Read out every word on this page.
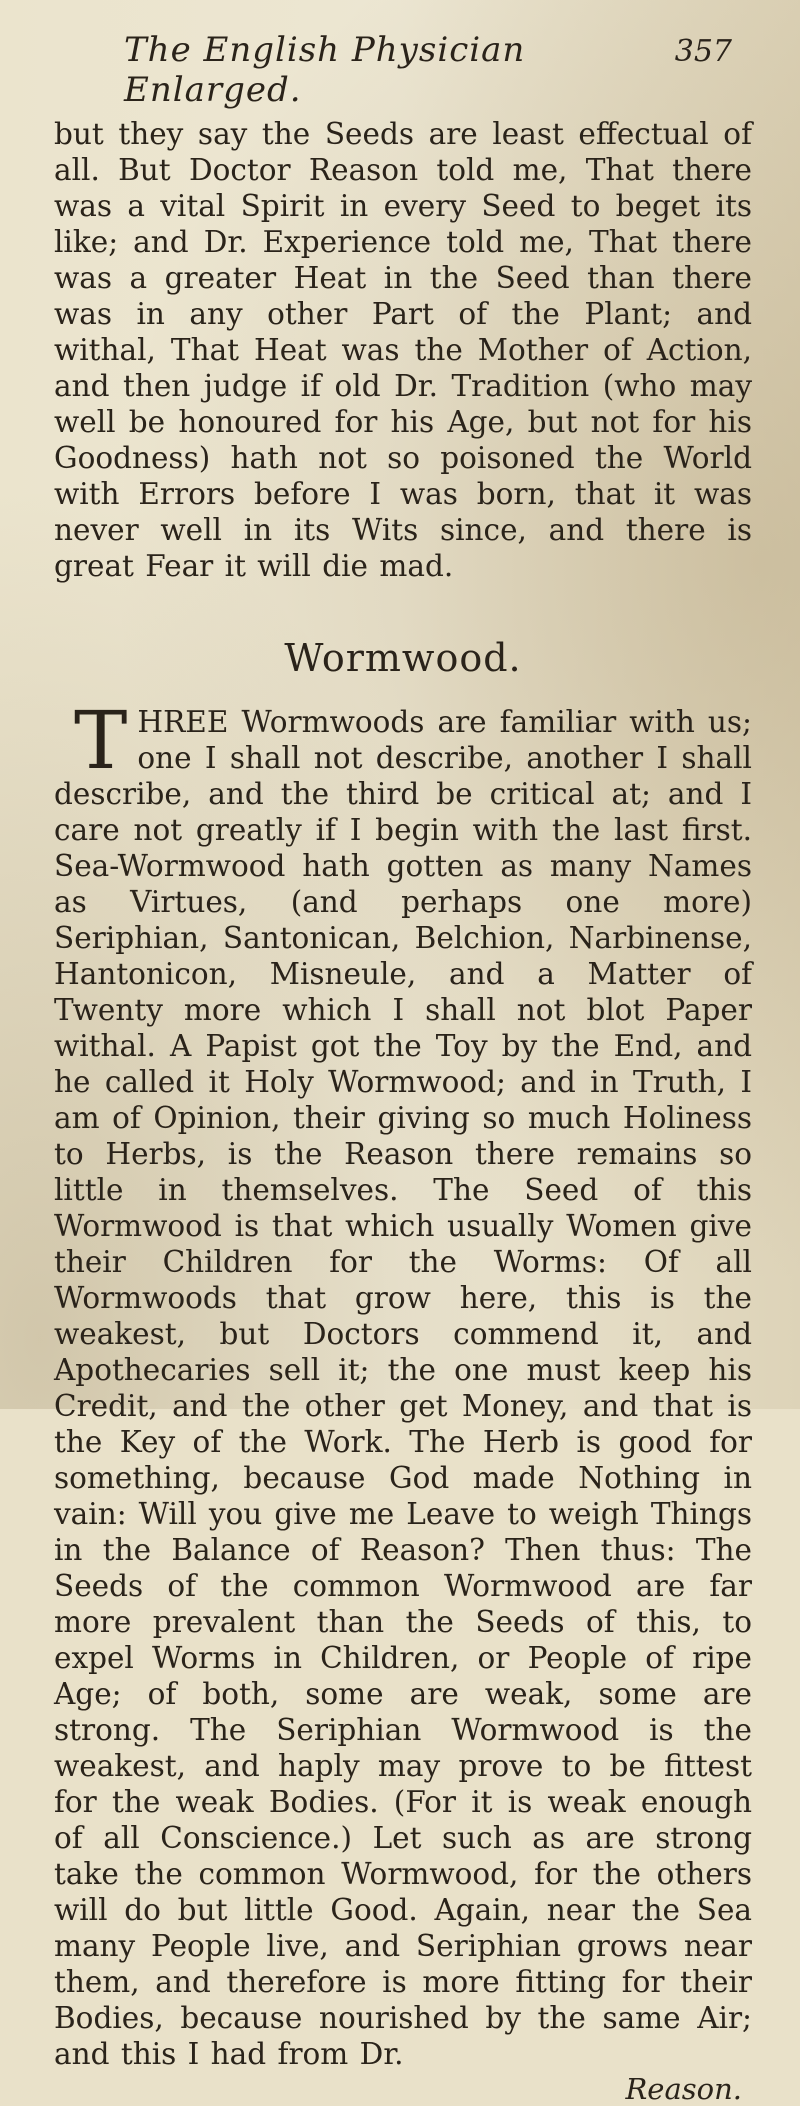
The English Physician Enlarged.
357

but they say the Seeds are least effectual of all. But Doctor Reason told me, That there was a vital Spirit in every Seed to beget its like; and Dr. Experience told me, That there was a greater Heat in the Seed than there was in any other Part of the Plant; and withal, That Heat was the Mother of Action, and then judge if old Dr. Tradition (who may well be honoured for his Age, but not for his Goodness) hath not so poisoned the World with Errors before I was born, that it was never well in its Wits since, and there is great Fear it will die mad.

Wormwood.
T HREE Wormwoods are familiar with us; one I shall not describe, another I shall describe, and the third be critical at; and I care not greatly if I begin with the last first. Sea-Wormwood hath gotten as many Names as Virtues, (and perhaps one more) Seriphian, Santonican, Belchion, Narbinense, Hantonicon, Misneule, and a Matter of Twenty more which I shall not blot Paper withal. A Papist got the Toy by the End, and he called it Holy Wormwood; and in Truth, I am of Opinion, their giving so much Holiness to Herbs, is the Reason there remains so little in themselves. The Seed of this Wormwood is that which usually Women give their Children for the Worms: Of all Wormwoods that grow here, this is the weakest, but Doctors commend it, and Apothecaries sell it; the one must keep his Credit, and the other get Money, and that is the Key of the Work. The Herb is good for something, because God made Nothing in vain: Will you give me Leave to weigh Things in the Balance of Reason? Then thus: The Seeds of the common Wormwood are far more prevalent than the Seeds of this, to expel Worms in Children, or People of ripe Age; of both, some are weak, some are strong. The Seriphian Wormwood is the weakest, and haply may prove to be fittest for the weak Bodies. (For it is weak enough of all Conscience.) Let such as are strong take the common Wormwood, for the others will do but little Good. Again, near the Sea many People live, and Seriphian grows near them, and therefore is more fitting for their Bodies, because nourished by the same Air; and this I had from Dr.

Reason.
